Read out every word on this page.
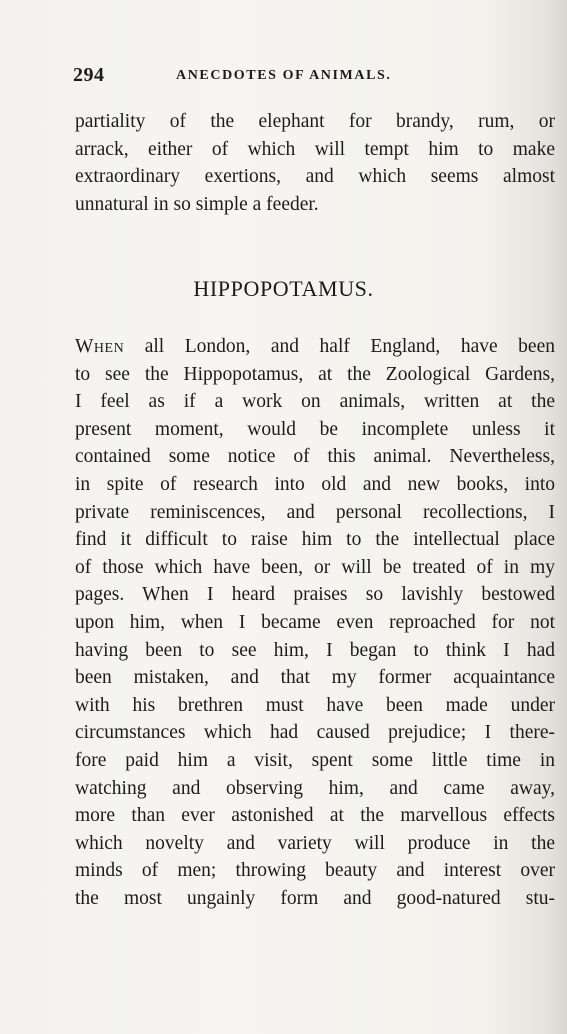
294	ANECDOTES OF ANIMALS.
partiality of the elephant for brandy, rum, or
arrack, either of which will tempt him to make
extraordinary exertions, and which seems almost
unnatural in so simple a feeder.
HIPPOPOTAMUS.
When all London, and half England, have been
to see the Hippopotamus, at the Zoological Gardens,
I feel as if a work on animals, written at the
present moment, would be incomplete unless it
contained some notice of this animal. Nevertheless,
in spite of research into old and new books, into
private reminiscences, and personal recollections, I
find it difficult to raise him to the intellectual place
of those which have been, or will be treated of in my
pages. When I heard praises so lavishly bestowed
upon him, when I became even reproached for not
having been to see him, I began to think I had
been mistaken, and that my former acquaintance
with his brethren must have been made under
circumstances which had caused prejudice; I there-
fore paid him a visit, spent some little time in
watching and observing him, and came away,
more than ever astonished at the marvellous effects
which novelty and variety will produce in the
minds of men; throwing beauty and interest over
the most ungainly form and good-natured stu-
